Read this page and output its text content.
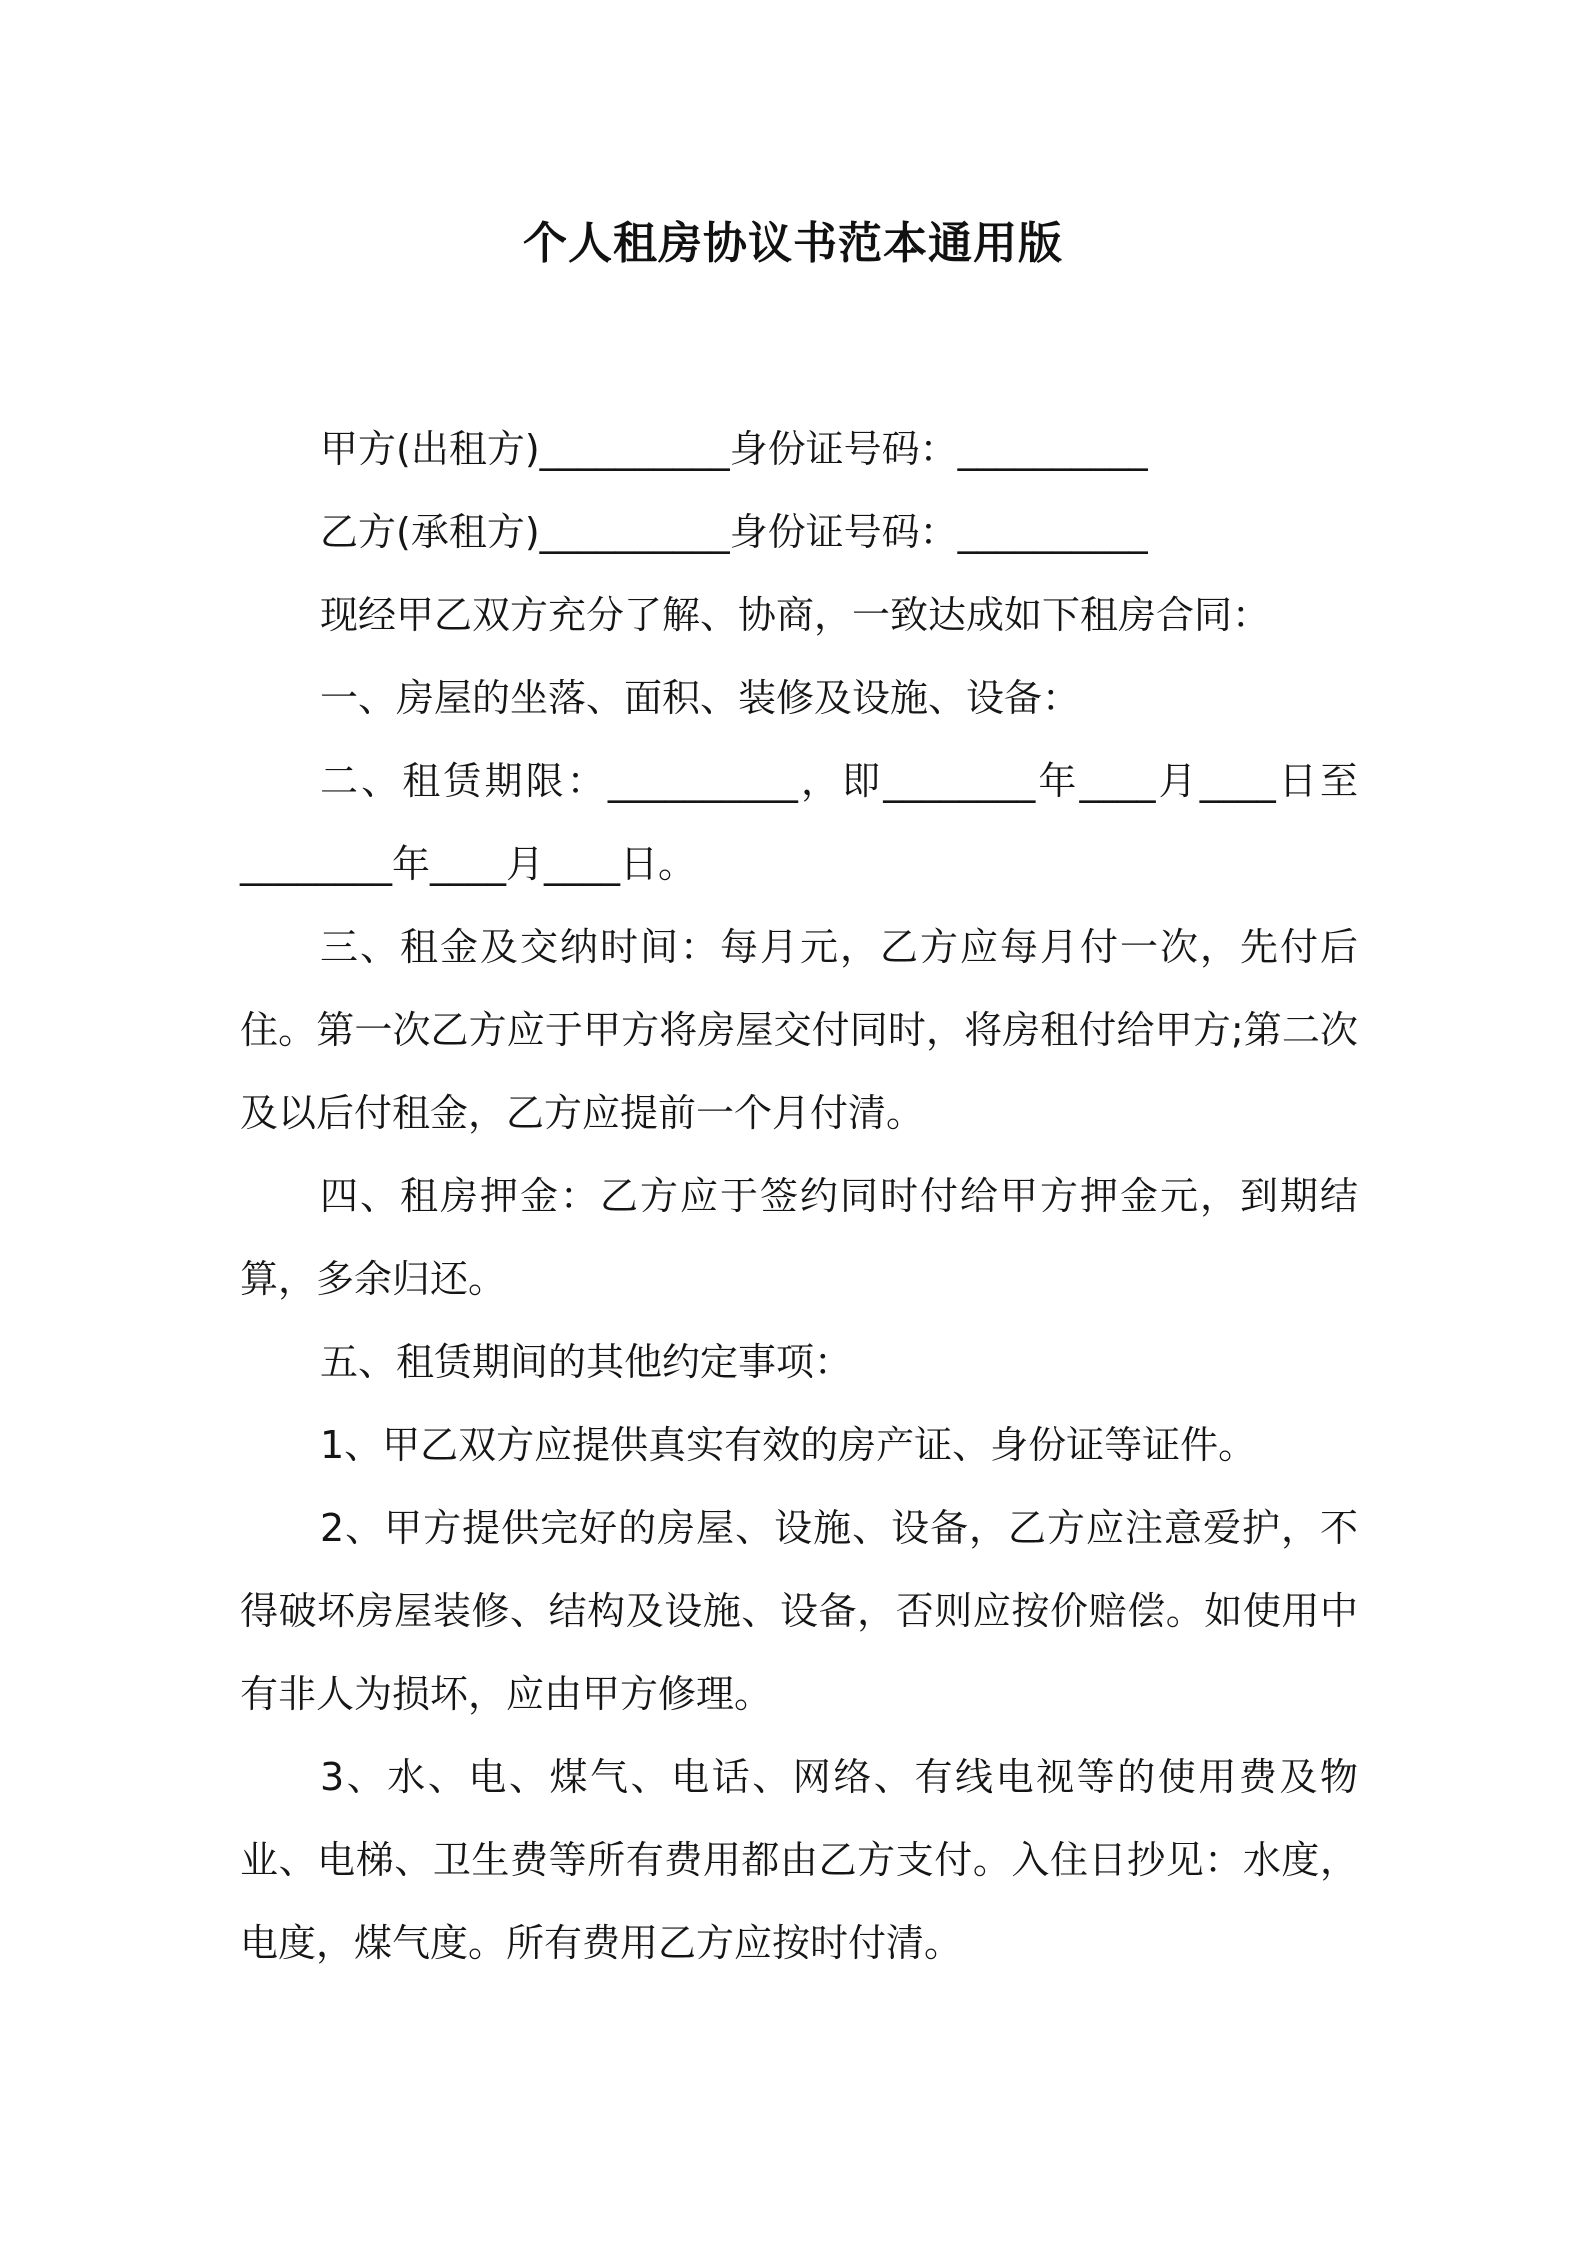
个人租房协议书范本通用版

甲方(出租方)__________身份证号码：__________

乙方(承租方)__________身份证号码：__________

现经甲乙双方充分了解、协商，一致达成如下租房合同：

一、房屋的坐落、面积、装修及设施、设备：

二、租赁期限：__________，即________年____月____日至________年____月____日。

三、租金及交纳时间：每月元，乙方应每月付一次，先付后住。第一次乙方应于甲方将房屋交付同时，将房租付给甲方;第二次及以后付租金，乙方应提前一个月付清。

四、租房押金：乙方应于签约同时付给甲方押金元，到期结算，多余归还。

五、租赁期间的其他约定事项：

1、甲乙双方应提供真实有效的房产证、身份证等证件。

2、甲方提供完好的房屋、设施、设备，乙方应注意爱护，不得破坏房屋装修、结构及设施、设备，否则应按价赔偿。如使用中有非人为损坏，应由甲方修理。

3、水、电、煤气、电话、网络、有线电视等的使用费及物业、电梯、卫生费等所有费用都由乙方支付。入住日抄见：水度，电度，煤气度。所有费用乙方应按时付清。
